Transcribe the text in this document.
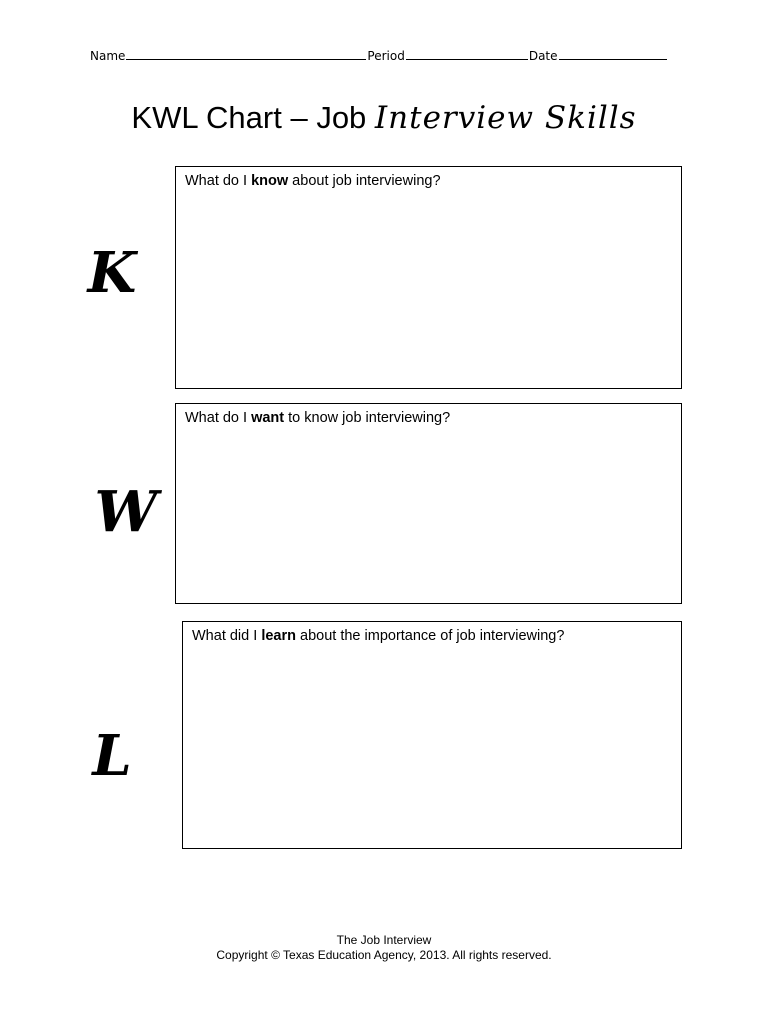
Name	Period	Date
KWL Chart – Job Interview Skills
K
What do I know about job interviewing?
W
What do I want to know job interviewing?
L
What did I learn about the importance of job interviewing?
The Job Interview
Copyright © Texas Education Agency, 2013. All rights reserved.
